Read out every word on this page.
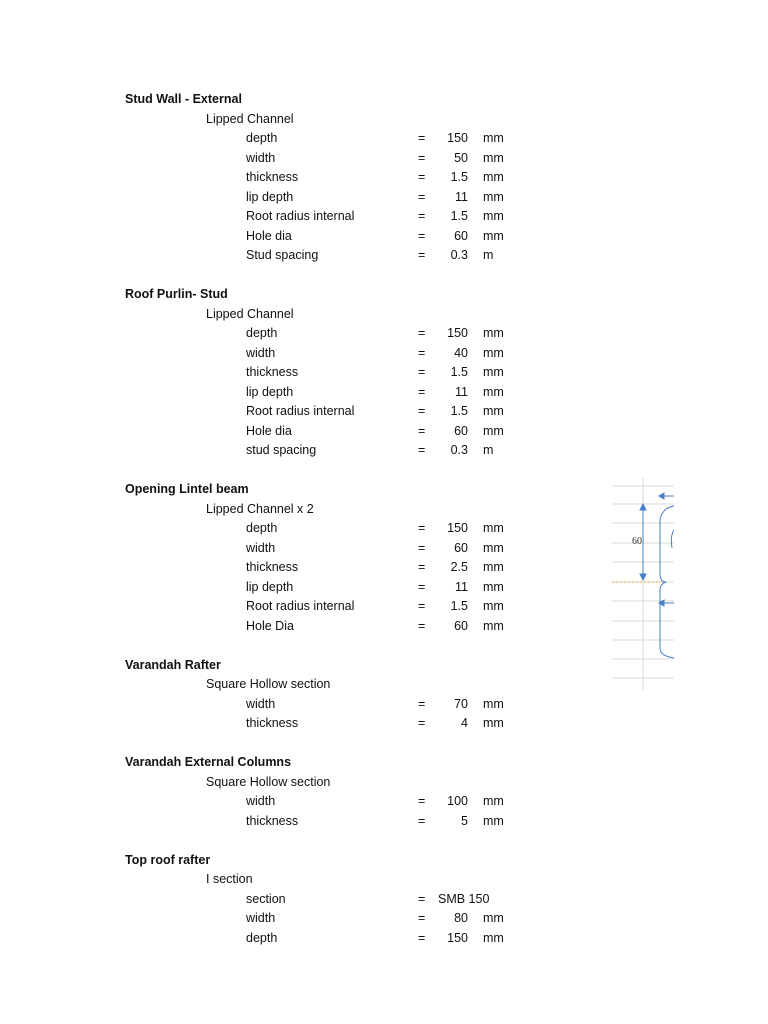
Stud Wall - External
Lipped Channel
depth	=	150 mm
width	=	50 mm
thickness	=	1.5 mm
lip depth	=	11 mm
Root radius internal	=	1.5 mm
Hole dia	=	60 mm
Stud spacing	=	0.3 m
Roof Purlin- Stud
Lipped Channel
depth	=	150 mm
width	=	40 mm
thickness	=	1.5 mm
lip depth	=	11 mm
Root radius internal	=	1.5 mm
Hole dia	=	60 mm
stud spacing	=	0.3 m
Opening Lintel beam
Lipped Channel x 2
depth	=	150 mm
width	=	60 mm
thickness	=	2.5 mm
lip depth	=	11 mm
Root radius internal	=	1.5 mm
Hole Dia	=	60 mm
Varandah Rafter
Square Hollow section
width	=	70 mm
thickness	=	4 mm
Varandah External Columns
Square Hollow section
width	=	100 mm
thickness	=	5 mm
Top roof rafter
I section
section	= SMB 150
width	=	80 mm
depth	=	150 mm
60
